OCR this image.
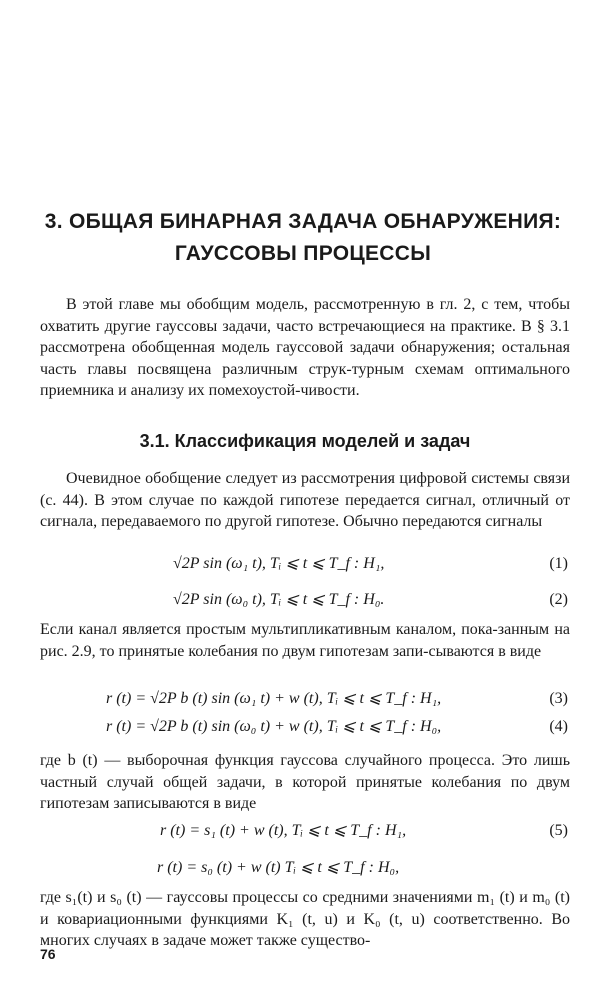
3. ОБЩАЯ БИНАРНАЯ ЗАДАЧА ОБНАРУЖЕНИЯ:
ГАУССОВЫ ПРОЦЕССЫ

В этой главе мы обобщим модель, рассмотренную в гл. 2, с тем, чтобы охватить другие гауссовы задачи, часто встречающиеся на практике. В § 3.1 рассмотрена обобщенная модель гауссовой задачи обнаружения; остальная часть главы посвящена различным струк-турным схемам оптимального приемника и анализу их помехоустой-чивости.

3.1. Классификация моделей и задач

Очевидное обобщение следует из рассмотрения цифровой системы связи (с. 44). В этом случае по каждой гипотезе передается сигнал, отличный от сигнала, передаваемого по другой гипотезе. Обычно передаются сигналы

√2P sin (ω₁ t), Tᵢ ⩽ t ⩽ T_f : H₁,	(1)
√2P sin (ω₀ t), Tᵢ ⩽ t ⩽ T_f : H₀.	(2)

Если канал является простым мультипликативным каналом, пока-занным на рис. 2.9, то принятые колебания по двум гипотезам запи-сываются в виде

r (t) = √2P b (t) sin (ω₁ t) + w (t), Tᵢ ⩽ t ⩽ T_f : H₁,	(3)
r (t) = √2P b (t) sin (ω₀ t) + w (t), Tᵢ ⩽ t ⩽ T_f : H₀,	(4)

где b (t) — выборочная функция гауссова случайного процесса. Это лишь частный случай общей задачи, в которой принятые колебания по двум гипотезам записываются в виде

r (t) = s₁ (t) + w (t), Tᵢ ⩽ t ⩽ T_f : H₁,	(5)
r (t) = s₀ (t) + w (t) Tᵢ ⩽ t ⩽ T_f : H₀,

где s₁(t) и s₀ (t) — гауссовы процессы со средними значениями m₁ (t) и m₀ (t) и ковариационными функциями K₁ (t, u) и K₀ (t, u) соответственно. Во многих случаях в задаче может также существо-

76
